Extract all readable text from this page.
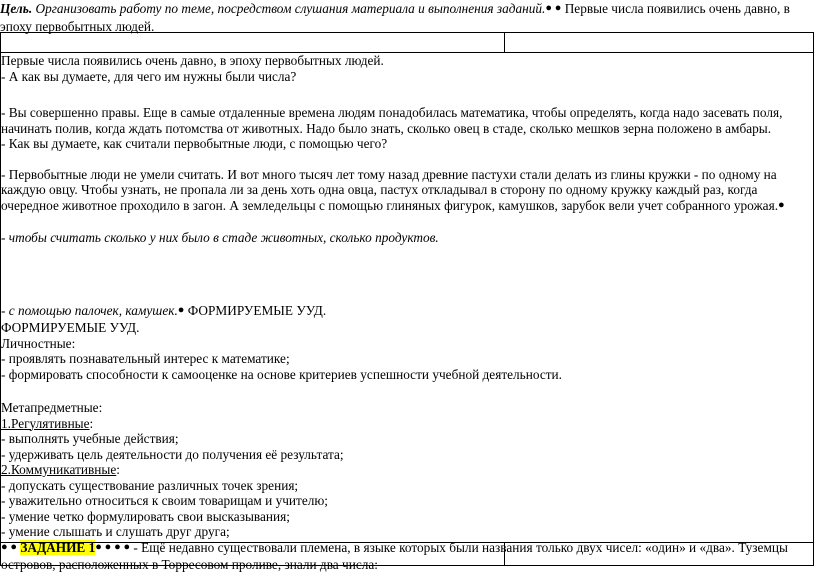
Цель. Организовать работу по теме, посредством слушания материала и выполнения заданий.● ● Первые числа появились очень давно, в эпоху первобытных людей.

Первые числа появились очень давно, в эпоху первобытных людей.

- А как вы думаете, для чего им нужны были числа?

- Вы совершенно правы. Еще в самые отдаленные времена людям понадобилась математика, чтобы определять, когда надо засевать поля, начинать полив, когда ждать потомства от животных. Надо было знать, сколько овец в стаде, сколько мешков зерна положено в амбары.

- Как вы думаете, как считали первобытные люди, с помощью чего?

- Первобытные люди не умели считать. И вот много тысяч лет тому назад древние пастухи стали делать из глины кружки - по одному на каждую овцу. Чтобы узнать, не пропала ли за день хоть одна овца, пастух откладывал в сторону по одному кружку каждый раз, когда очередное животное проходило в загон. А земледельцы с помощью глиняных фигурок, камушков, зарубок вели учет собранного урожая.●

- чтобы считать сколько у них было в стаде животных, сколько продуктов.

- с помощью палочек, камушек.● ФОРМИРУЕМЫЕ УУД.

ФОРМИРУЕМЫЕ УУД.

Личностные:

- проявлять познавательный интерес к математике;

- формировать способности к самооценке на основе критериев успешности учебной деятельности.

Метапредметные:

1.Регулятивные:

- выполнять учебные действия;

- удерживать цель деятельности до получения её результата;

2.Коммуникативные:

- допускать существование различных точек зрения;

- уважительно относиться к своим товарищам и учителю;

- умение четко формулировать свои высказывания;

- умение слышать и слушать друг друга;

● ● ЗАДАНИЕ 1● ● ● ● - Ещё недавно существовали племена, в языке которых были названия только двух чисел: «один» и «два». Туземцы островов, расположенных в Торресовом проливе, знали два числа:
